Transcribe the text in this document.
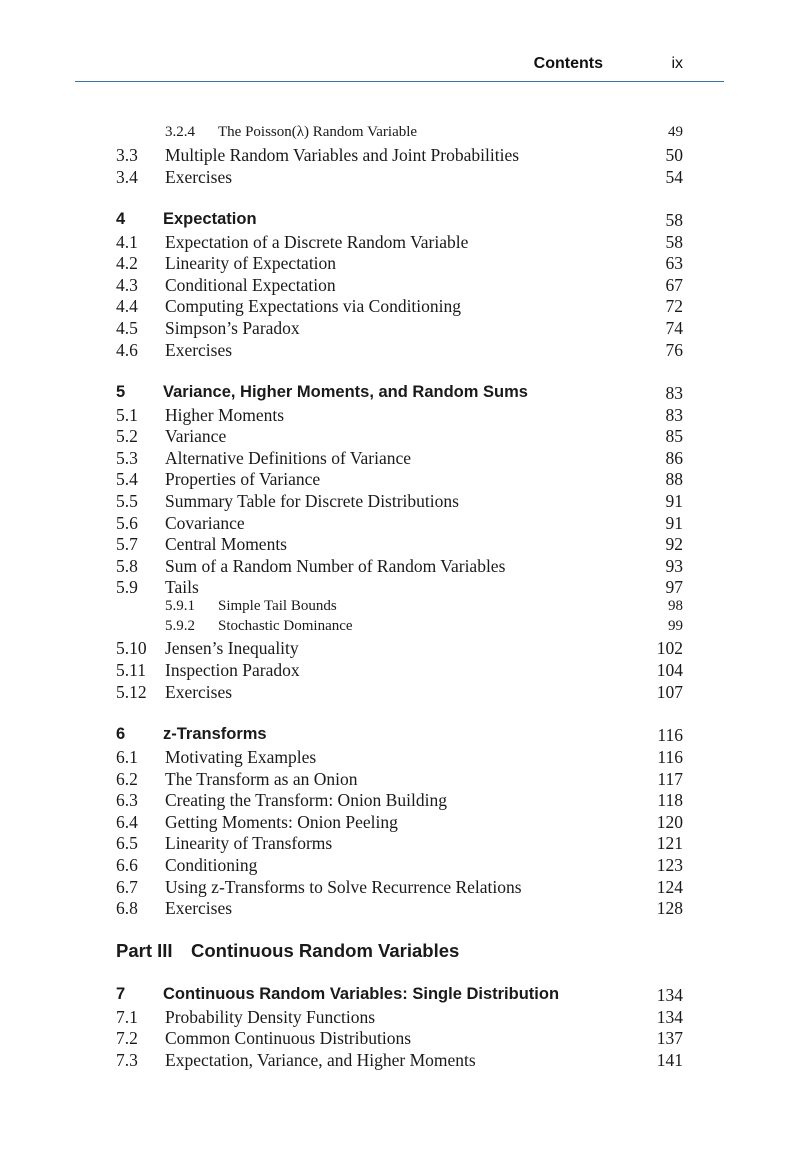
Contents	ix
3.2.4 The Poisson(λ) Random Variable	49
3.3 Multiple Random Variables and Joint Probabilities	50
3.4 Exercises	54
4 Expectation	58
4.1 Expectation of a Discrete Random Variable	58
4.2 Linearity of Expectation	63
4.3 Conditional Expectation	67
4.4 Computing Expectations via Conditioning	72
4.5 Simpson’s Paradox	74
4.6 Exercises	76
5 Variance, Higher Moments, and Random Sums	83
5.1 Higher Moments	83
5.2 Variance	85
5.3 Alternative Definitions of Variance	86
5.4 Properties of Variance	88
5.5 Summary Table for Discrete Distributions	91
5.6 Covariance	91
5.7 Central Moments	92
5.8 Sum of a Random Number of Random Variables	93
5.9 Tails	97
5.9.1 Simple Tail Bounds	98
5.9.2 Stochastic Dominance	99
5.10 Jensen’s Inequality	102
5.11 Inspection Paradox	104
5.12 Exercises	107
6 z-Transforms	116
6.1 Motivating Examples	116
6.2 The Transform as an Onion	117
6.3 Creating the Transform: Onion Building	118
6.4 Getting Moments: Onion Peeling	120
6.5 Linearity of Transforms	121
6.6 Conditioning	123
6.7 Using z-Transforms to Solve Recurrence Relations	124
6.8 Exercises	128
Part III Continuous Random Variables
7 Continuous Random Variables: Single Distribution	134
7.1 Probability Density Functions	134
7.2 Common Continuous Distributions	137
7.3 Expectation, Variance, and Higher Moments	141
